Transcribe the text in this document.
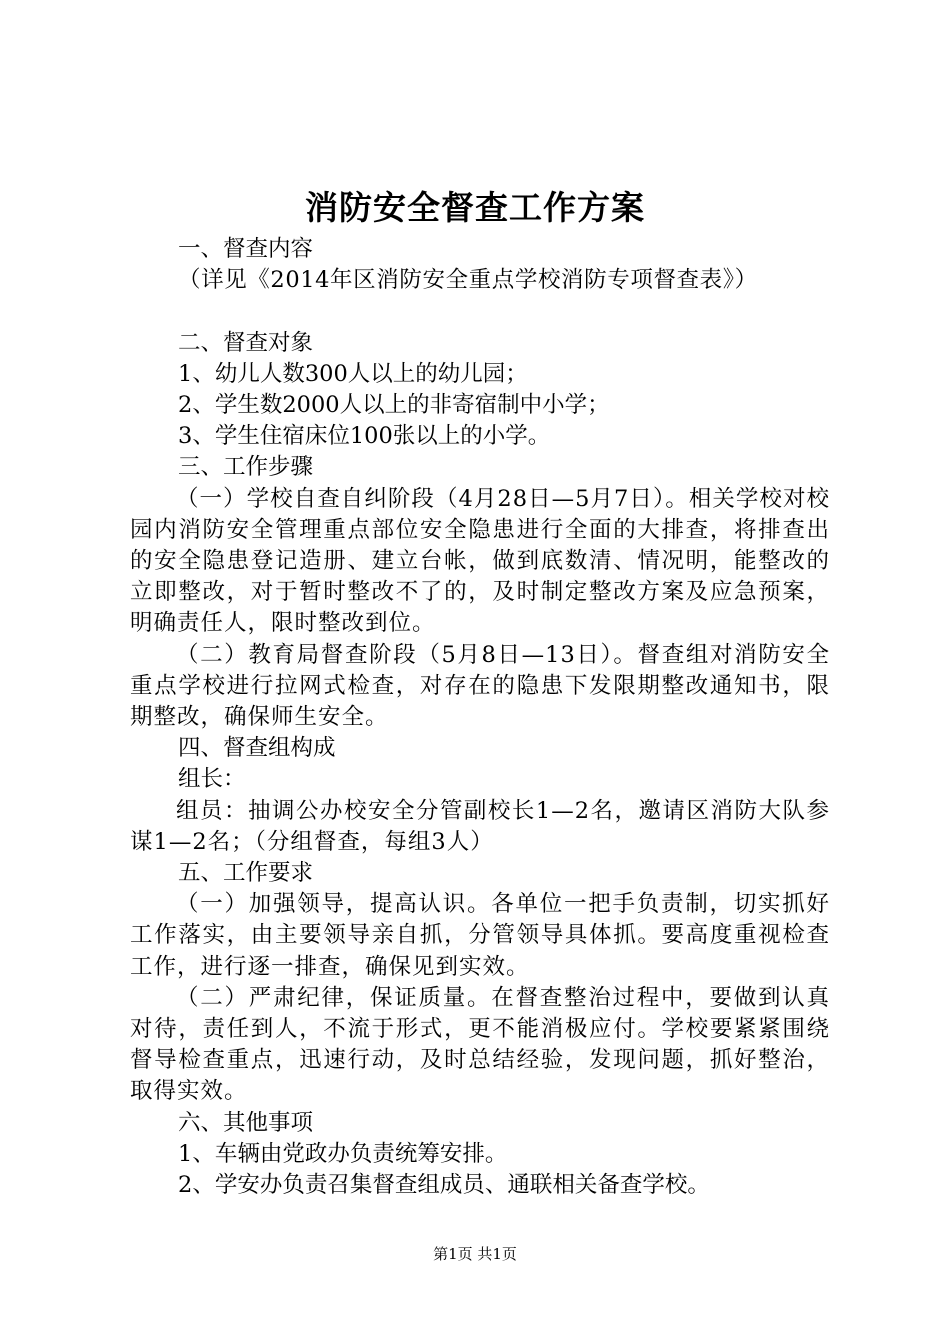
消防安全督查工作方案

一、督查内容

（详见《2014年区消防安全重点学校消防专项督查表》）

二、督查对象

1、幼儿人数300人以上的幼儿园；

2、学生数2000人以上的非寄宿制中小学；

3、学生住宿床位100张以上的小学。

三、工作步骤

（一）学校自查自纠阶段（4月28日—5月7日）。相关学校对校园内消防安全管理重点部位安全隐患进行全面的大排查，将排查出的安全隐患登记造册、建立台帐，做到底数清、情况明，能整改的立即整改，对于暂时整改不了的，及时制定整改方案及应急预案，明确责任人，限时整改到位。

（二）教育局督查阶段（5月8日—13日）。督查组对消防安全重点学校进行拉网式检查，对存在的隐患下发限期整改通知书，限期整改，确保师生安全。

四、督查组构成

组长：

组员：抽调公办校安全分管副校长1—2名，邀请区消防大队参谋1—2名；（分组督查，每组3人）

五、工作要求

（一）加强领导，提高认识。各单位一把手负责制，切实抓好工作落实，由主要领导亲自抓，分管领导具体抓。要高度重视检查工作，进行逐一排查，确保见到实效。

（二）严肃纪律，保证质量。在督查整治过程中，要做到认真对待，责任到人，不流于形式，更不能消极应付。学校要紧紧围绕督导检查重点，迅速行动，及时总结经验，发现问题，抓好整治，取得实效。

六、其他事项

1、车辆由党政办负责统筹安排。

2、学安办负责召集督查组成员、通联相关备查学校。

第1页 共1页
